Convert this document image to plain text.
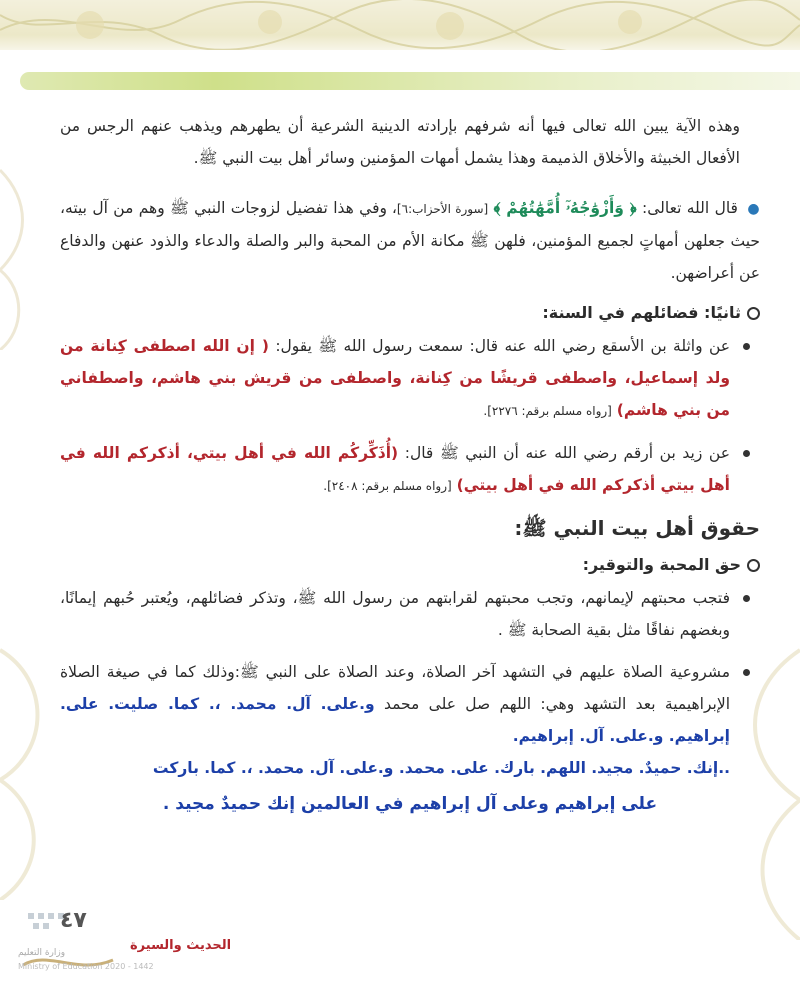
وهذه الآية يبين الله تعالى فيها أنه شرفهم بإرادته الدينية الشرعية أن يطهرهم ويذهب عنهم الرجس من الأفعال الخبيثة والأخلاق الذميمة وهذا يشمل أمهات المؤمنين وسائر أهل بيت النبي ﷺ.

● قال الله تعالى: ﴿ وَأَزْوَٰجُهُۥٓ أُمَّهَٰتُهُمْ ﴾ [سورة الأحزاب:٦]، وفي هذا تفضيل لزوجات النبي ﷺ وهم من آل بيته، حيث جعلهن أمهاتٍ لجميع المؤمنين، فلهن ﷺ مكانة الأم من المحبة والبر والصلة والدعاء والذود عنهن والدفاع عن أعراضهن.

ثانيًا: فضائلهم في السنة:
عن واثلة بن الأسقع رضي الله عنه قال: سمعت رسول الله ﷺ يقول: ( إن الله اصطفى كِنانة من ولد إسماعيل، واصطفى قريشًا من كِنانة، واصطفى من قريش بني هاشم، واصطفاني من بني هاشم) [رواه مسلم برقم: ٢٢٧٦].
عن زيد بن أرقم رضي الله عنه أن النبي ﷺ قال: (أُذَكِّركُم الله في أهل بيتي، أذكركم الله في أهل بيتي أذكركم الله في أهل بيتي) [رواه مسلم برقم: ٢٤٠٨].
حقوق أهل بيت النبي ﷺ:
حق المحبة والتوقير:
فتجب محبتهم لإيمانهم، وتجب محبتهم لقرابتهم من رسول الله ﷺ، وتذكر فضائلهم، ويُعتبر حُبهم إيمانًا، وبغضهم نفاقًا مثل بقية الصحابة ﷺ .
مشروعية الصلاة عليهم في التشهد آخر الصلاة، وعند الصلاة على النبي ﷺ:وذلك كما في صيغة الصلاة الإبراهيمية بعد التشهد وهي: اللهم صل على محمد و.على. آل. محمد. ،. كما. صليت. على. إبراهيم. و.على. آل. إبراهيم.
..إنك. حميدٌ. مجيد. اللهم. بارك. على. محمد. و.على. آل. محمد. ،. كما. باركت
على إبراهيم وعلى آل إبراهيم في العالمين إنك حميدٌ مجيد .
٤٧
الحديث والسيرة
وزارة التعليم
Ministry of Education 2020 - 1442
